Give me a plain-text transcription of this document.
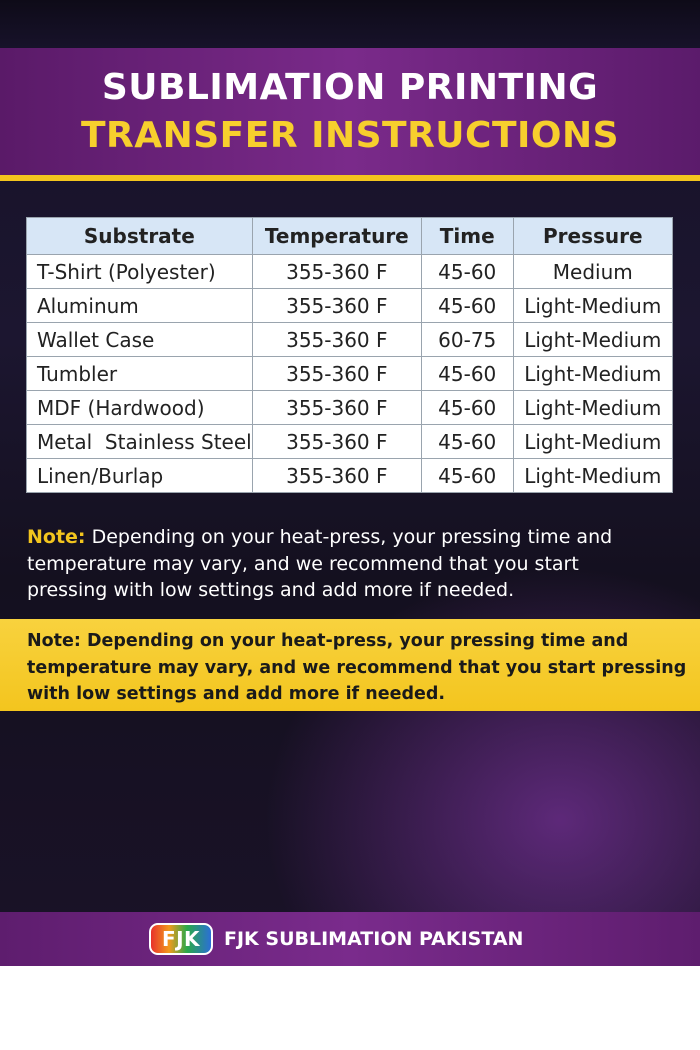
SUBLIMATION PRINTING
TRANSFER INSTRUCTIONS
Substrate	Temperature	Time	Pressure
T-Shirt (Polyester)	355-360 F	45-60	Medium
Aluminum	355-360 F	45-60	Light-Medium
Wallet Case	355-360 F	60-75	Light-Medium
Tumbler	355-360 F	45-60	Light-Medium
MDF (Hardwood)	355-360 F	45-60	Light-Medium
Metal  Stainless Steel	355-360 F	45-60	Light-Medium
Linen/Burlap	355-360 F	45-60	Light-Medium
Note: Depending on your heat-press, your pressing time and
temperature may vary, and we recommend that you start
pressing with low settings and add more if needed.
Note: Depending on your heat-press, your pressing time and
temperature may vary, and we recommend that you start pressing
with low settings and add more if needed.
FJK FJK SUBLIMATION PAKISTAN
